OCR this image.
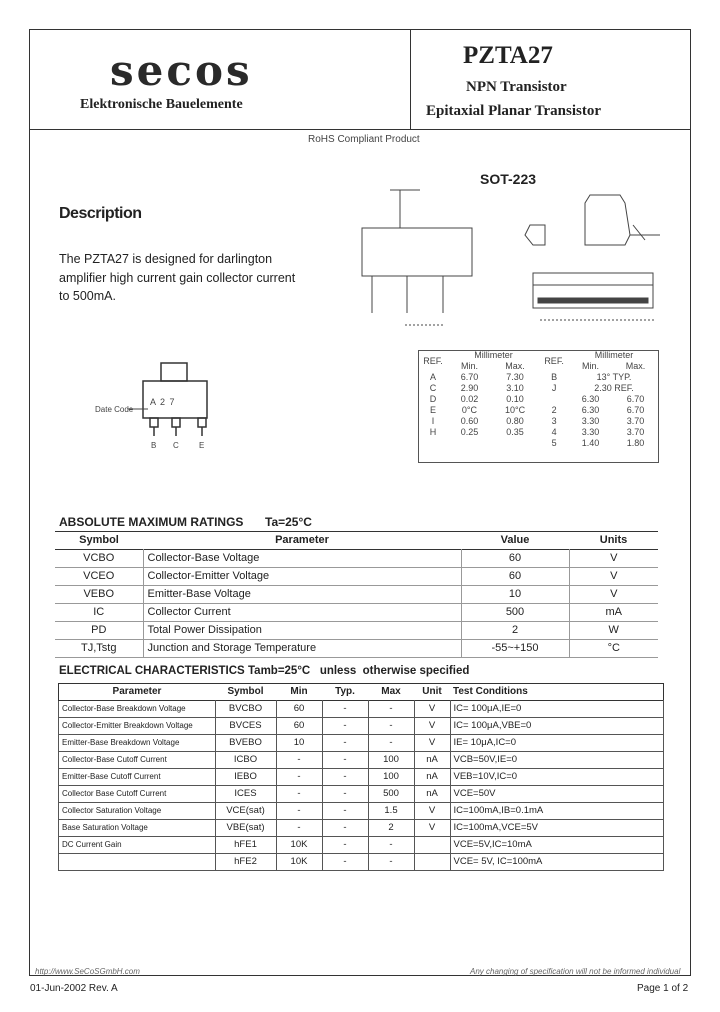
secos
Elektronische Bauelemente
PZTA27
NPN Transistor
Epitaxial Planar Transistor
RoHS Compliant Product
SOT-223
Description
The PZTA27 is designed for darlington amplifier high current gain collector current to 500mA.
Date Code
A 2 7
B C	E
REF.	Millimeter		REF.	Millimeter	
	Min.	Max.		Min.	Max.
A	6.70	7.30	B	13° TYP.	
C	2.90	3.10	J	2.30 REF.	
D	0.02	0.10		6.30	6.70
E	0°C	10°C	2	6.30	6.70
I	0.60	0.80	3	3.30	3.70
H	0.25	0.35	4	3.30	3.70
			5	1.40	1.80
ABSOLUTE MAXIMUM RATINGS Ta=25°C
Symbol	Parameter	Value	Units
VCBO	Collector-Base Voltage	60	V
VCEO	Collector-Emitter Voltage	60	V
VEBO	Emitter-Base Voltage	10	V
IC	Collector Current	500	mA
PD	Total Power Dissipation	2	W
TJ,Tstg	Junction and Storage Temperature	-55~+150	°C
ELECTRICAL CHARACTERISTICS Tamb=25°C   unless  otherwise specified
Parameter	Symbol	Min	Typ.	Max	Unit	Test Conditions
Collector-Base Breakdown Voltage	BVCBO	60	-	-	V	IC= 100μA,IE=0
Collector-Emitter Breakdown Voltage	BVCES	60	-	-	V	IC= 100μA,VBE=0
Emitter-Base Breakdown Voltage	BVEBO	10	-	-	V	IE= 10μA,IC=0
Collector-Base Cutoff Current	ICBO	-	-	100	nA	VCB=50V,IE=0
Emitter-Base Cutoff Current	IEBO	-	-	100	nA	VEB=10V,IC=0
Collector Base Cutoff Current	ICES	-	-	500	nA	VCE=50V
Collector Saturation Voltage	VCE(sat)	-	-	1.5	V	IC=100mA,IB=0.1mA
Base Saturation Voltage	VBE(sat)	-	-	2	V	IC=100mA,VCE=5V
DC Current Gain	hFE1	10K	-	-		VCE=5V,IC=10mA
	hFE2	10K	-	-		VCE= 5V, IC=100mA
http://www.SeCoSGmbH.com	Any changing of specification will not be informed individual
01-Jun-2002 Rev. A	Page 1 of 2
